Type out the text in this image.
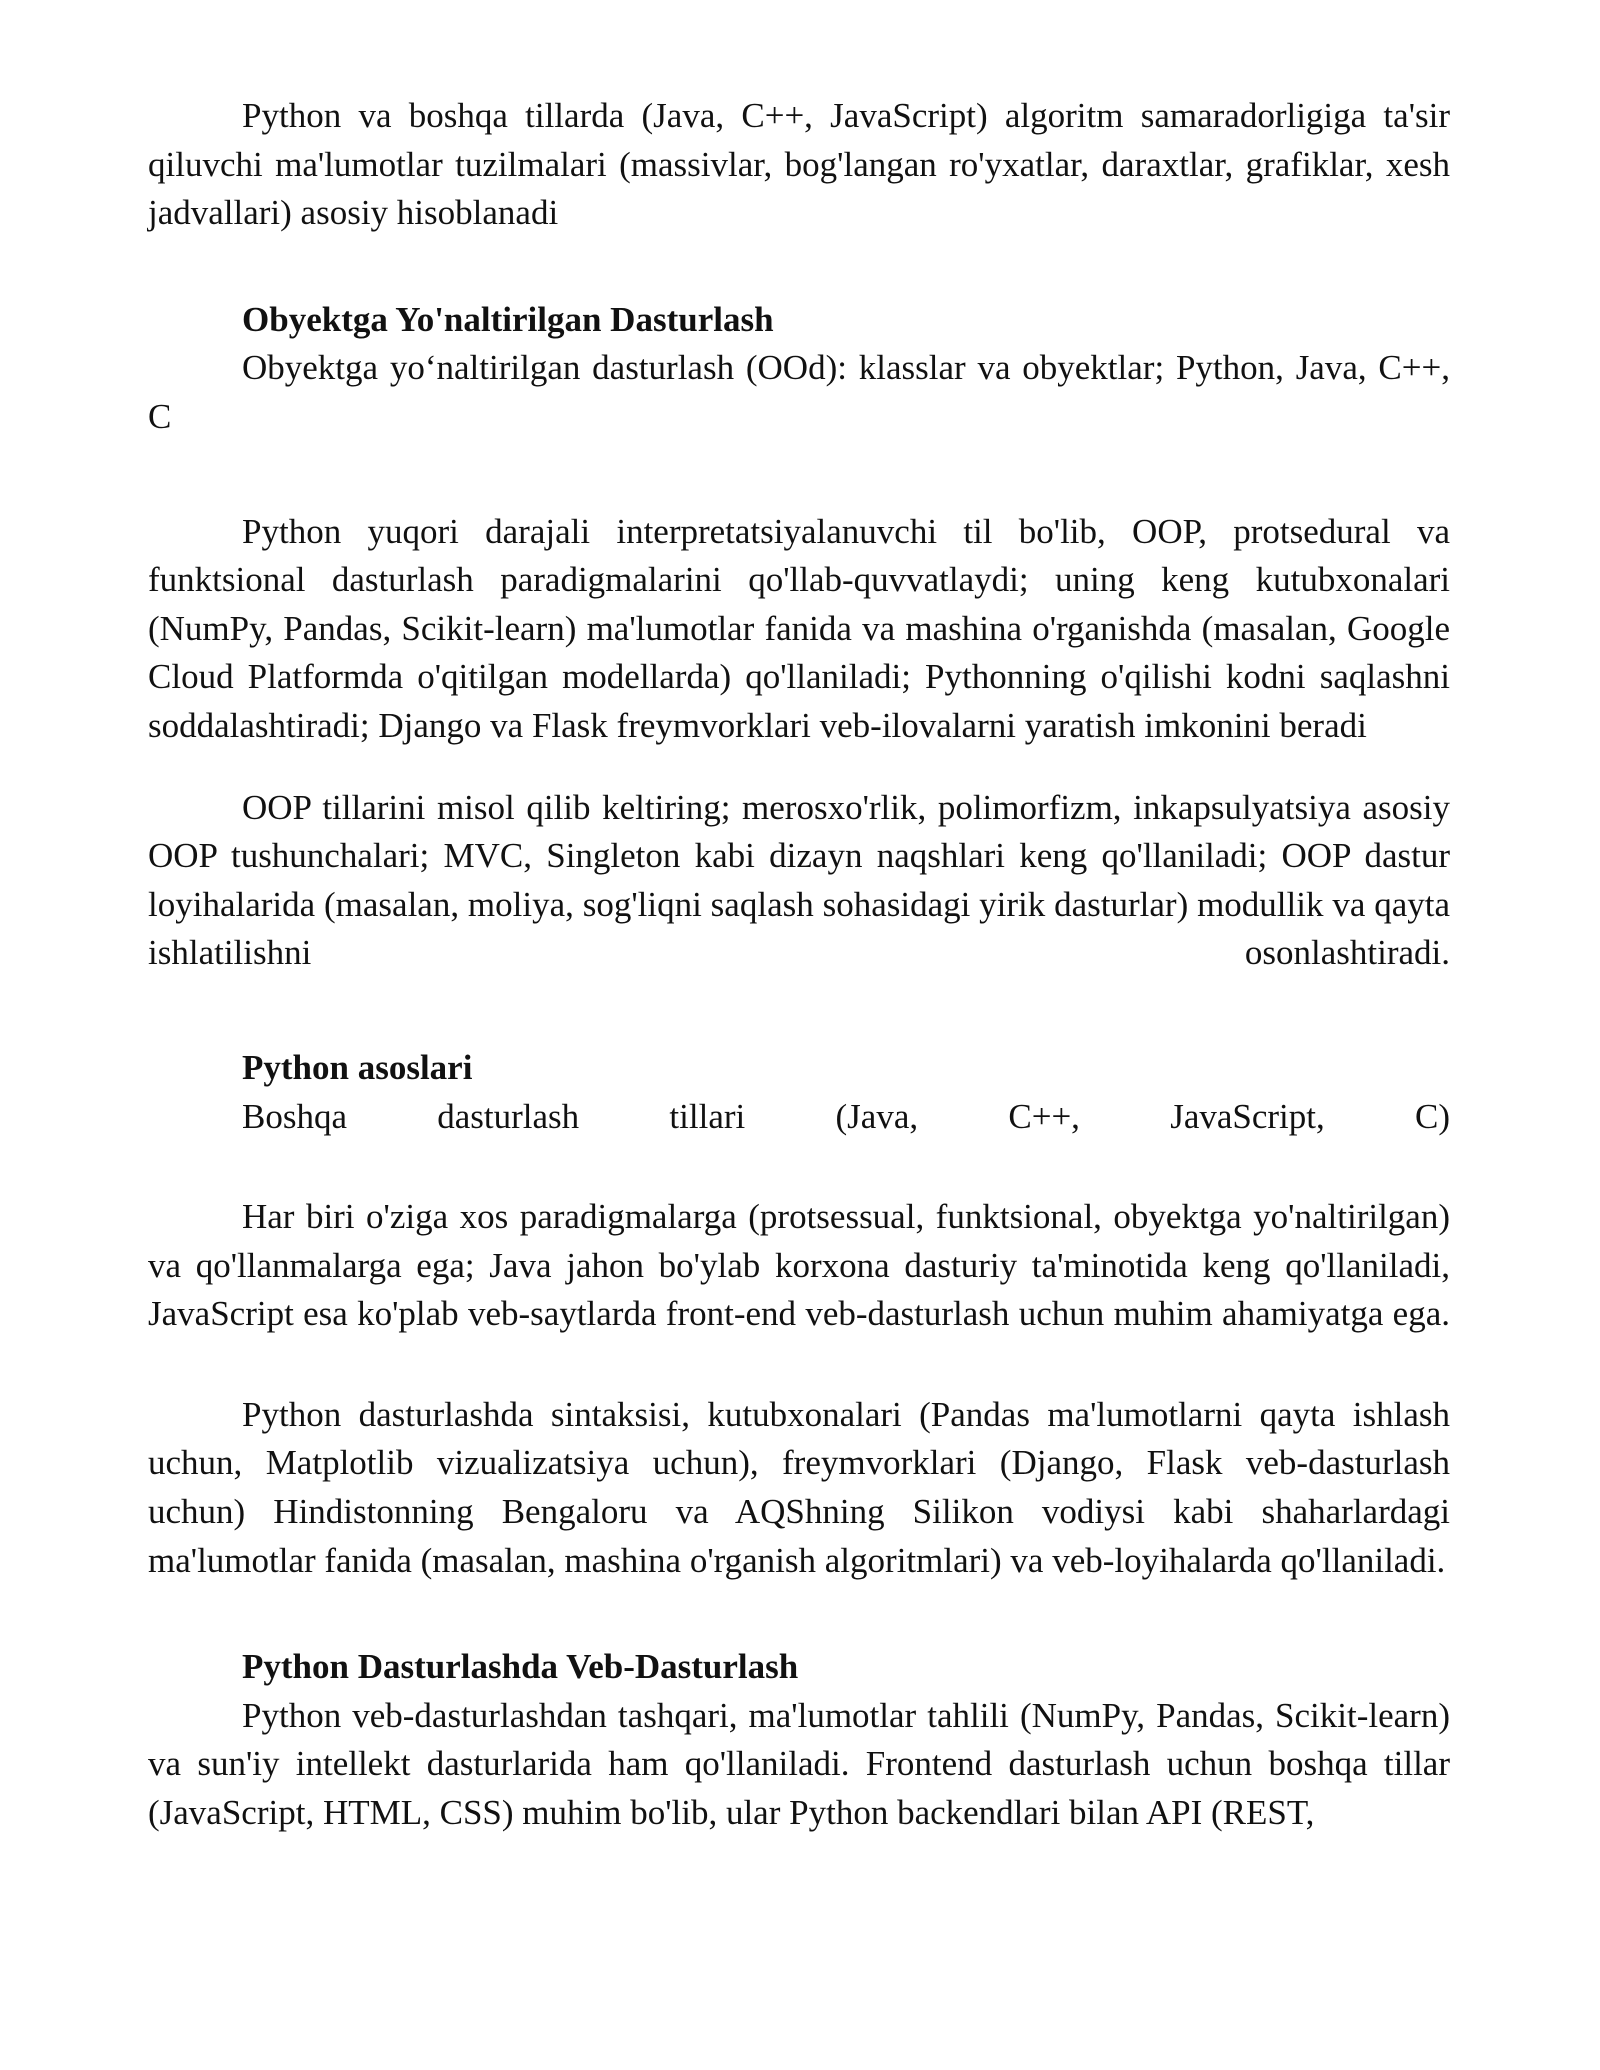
Python va boshqa tillarda (Java, C++, JavaScript) algoritm samaradorligiga ta'sir qiluvchi ma'lumotlar tuzilmalari (massivlar, bog'langan ro'yxatlar, daraxtlar, grafiklar, xesh jadvallari) asosiy hisoblanadi

Obyektga Yo'naltirilgan Dasturlash

Obyektga yo‘naltirilgan dasturlash (OOd): klasslar va obyektlar; Python, Java, C++, C

Python yuqori darajali interpretatsiyalanuvchi til bo'lib, OOP, protsedural va funktsional dasturlash paradigmalarini qo'llab-quvvatlaydi; uning keng kutubxonalari (NumPy, Pandas, Scikit-learn) ma'lumotlar fanida va mashina o'rganishda (masalan, Google Cloud Platformda o'qitilgan modellarda) qo'llaniladi; Pythonning o'qilishi kodni saqlashni soddalashtiradi; Django va Flask freymvorklari veb-ilovalarni yaratish imkonini beradi

OOP tillarini misol qilib keltiring; merosxo'rlik, polimorfizm, inkapsulyatsiya asosiy OOP tushunchalari; MVC, Singleton kabi dizayn naqshlari keng qo'llaniladi; OOP dastur loyihalarida (masalan, moliya, sog'liqni saqlash sohasidagi yirik dasturlar) modullik va qayta ishlatilishni osonlashtiradi.

Python asoslari

Boshqa dasturlash tillari (Java, C++, JavaScript, C)

Har biri o'ziga xos paradigmalarga (protsessual, funktsional, obyektga yo'naltirilgan) va qo'llanmalarga ega; Java jahon bo'ylab korxona dasturiy ta'minotida keng qo'llaniladi, JavaScript esa ko'plab veb-saytlarda front-end veb-dasturlash uchun muhim ahamiyatga ega.

Python dasturlashda sintaksisi, kutubxonalari (Pandas ma'lumotlarni qayta ishlash uchun, Matplotlib vizualizatsiya uchun), freymvorklari (Django, Flask veb-dasturlash uchun) Hindistonning Bengaloru va AQShning Silikon vodiysi kabi shaharlardagi ma'lumotlar fanida (masalan, mashina o'rganish algoritmlari) va veb-loyihalarda qo'llaniladi.

Python Dasturlashda Veb-Dasturlash

Python veb-dasturlashdan tashqari, ma'lumotlar tahlili (NumPy, Pandas, Scikit-learn) va sun'iy intellekt dasturlarida ham qo'llaniladi. Frontend dasturlash uchun boshqa tillar (JavaScript, HTML, CSS) muhim bo'lib, ular Python backendlari bilan API (REST,
